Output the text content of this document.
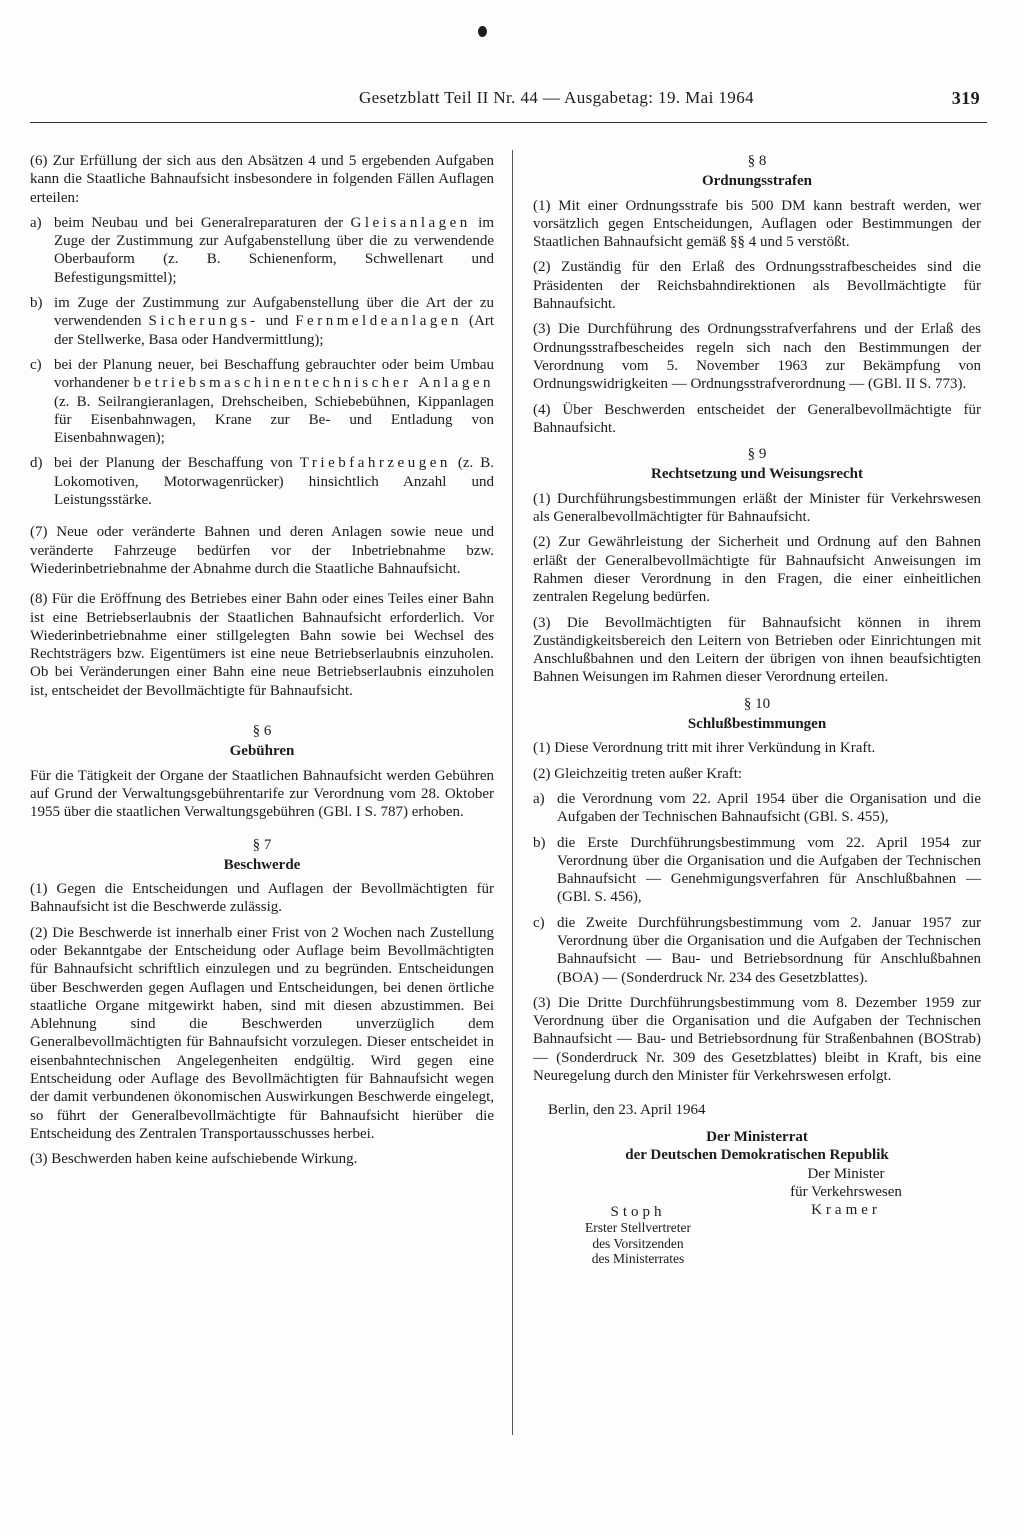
Gesetzblatt Teil II Nr. 44 — Ausgabetag: 19. Mai 1964	319

(6) Zur Erfüllung der sich aus den Absätzen 4 und 5 ergebenden Aufgaben kann die Staatliche Bahnaufsicht insbesondere in folgenden Fällen Auflagen erteilen:

a) beim Neubau und bei Generalreparaturen der Gleisanlagen im Zuge der Zustimmung zur Aufgabenstellung über die zu verwendende Oberbauform (z. B. Schienenform, Schwellenart und Befestigungsmittel);
b) im Zuge der Zustimmung zur Aufgabenstellung über die Art der zu verwendenden Sicherungs- und Fernmeldeanlagen (Art der Stellwerke, Basa oder Handvermittlung);
c) bei der Planung neuer, bei Beschaffung gebrauchter oder beim Umbau vorhandener betriebsmaschinentechnischer Anlagen (z. B. Seilrangieranlagen, Drehscheiben, Schiebebühnen, Kippanlagen für Eisenbahnwagen, Krane zur Be- und Entladung von Eisenbahnwagen);
d) bei der Planung der Beschaffung von Triebfahrzeugen (z. B. Lokomotiven, Motorwagenrücker) hinsichtlich Anzahl und Leistungsstärke.

(7) Neue oder veränderte Bahnen und deren Anlagen sowie neue und veränderte Fahrzeuge bedürfen vor der Inbetriebnahme bzw. Wiederinbetriebnahme der Abnahme durch die Staatliche Bahnaufsicht.

(8) Für die Eröffnung des Betriebes einer Bahn oder eines Teiles einer Bahn ist eine Betriebserlaubnis der Staatlichen Bahnaufsicht erforderlich. Vor Wiederinbetriebnahme einer stillgelegten Bahn sowie bei Wechsel des Rechtsträgers bzw. Eigentümers ist eine neue Betriebserlaubnis einzuholen. Ob bei Veränderungen einer Bahn eine neue Betriebserlaubnis einzuholen ist, entscheidet der Bevollmächtigte für Bahnaufsicht.

§ 6
Gebühren

Für die Tätigkeit der Organe der Staatlichen Bahnaufsicht werden Gebühren auf Grund der Verwaltungsgebührentarife zur Verordnung vom 28. Oktober 1955 über die staatlichen Verwaltungsgebühren (GBl. I S. 787) erhoben.

§ 7
Beschwerde

(1) Gegen die Entscheidungen und Auflagen der Bevollmächtigten für Bahnaufsicht ist die Beschwerde zulässig.

(2) Die Beschwerde ist innerhalb einer Frist von 2 Wochen nach Zustellung oder Bekanntgabe der Entscheidung oder Auflage beim Bevollmächtigten für Bahnaufsicht schriftlich einzulegen und zu begründen. Entscheidungen über Beschwerden gegen Auflagen und Entscheidungen, bei denen örtliche staatliche Organe mitgewirkt haben, sind mit diesen abzustimmen. Bei Ablehnung sind die Beschwerden unverzüglich dem Generalbevollmächtigten für Bahnaufsicht vorzulegen. Dieser entscheidet in eisenbahntechnischen Angelegenheiten endgültig. Wird gegen eine Entscheidung oder Auflage des Bevollmächtigten für Bahnaufsicht wegen der damit verbundenen ökonomischen Auswirkungen Beschwerde eingelegt, so führt der Generalbevollmächtigte für Bahnaufsicht hierüber die Entscheidung des Zentralen Transportausschusses herbei.

(3) Beschwerden haben keine aufschiebende Wirkung.

§ 8
Ordnungsstrafen

(1) Mit einer Ordnungsstrafe bis 500 DM kann bestraft werden, wer vorsätzlich gegen Entscheidungen, Auflagen oder Bestimmungen der Staatlichen Bahnaufsicht gemäß §§ 4 und 5 verstößt.

(2) Zuständig für den Erlaß des Ordnungsstrafbescheides sind die Präsidenten der Reichsbahndirektionen als Bevollmächtigte für Bahnaufsicht.

(3) Die Durchführung des Ordnungsstrafverfahrens und der Erlaß des Ordnungsstrafbescheides regeln sich nach den Bestimmungen der Verordnung vom 5. November 1963 zur Bekämpfung von Ordnungswidrigkeiten — Ordnungsstrafverordnung — (GBl. II S. 773).

(4) Über Beschwerden entscheidet der Generalbevollmächtigte für Bahnaufsicht.

§ 9
Rechtsetzung und Weisungsrecht

(1) Durchführungsbestimmungen erläßt der Minister für Verkehrswesen als Generalbevollmächtigter für Bahnaufsicht.

(2) Zur Gewährleistung der Sicherheit und Ordnung auf den Bahnen erläßt der Generalbevollmächtigte für Bahnaufsicht Anweisungen im Rahmen dieser Verordnung in den Fragen, die einer einheitlichen zentralen Regelung bedürfen.

(3) Die Bevollmächtigten für Bahnaufsicht können in ihrem Zuständigkeitsbereich den Leitern von Betrieben oder Einrichtungen mit Anschlußbahnen und den Leitern der übrigen von ihnen beaufsichtigten Bahnen Weisungen im Rahmen dieser Verordnung erteilen.

§ 10
Schlußbestimmungen

(1) Diese Verordnung tritt mit ihrer Verkündung in Kraft.

(2) Gleichzeitig treten außer Kraft:

a) die Verordnung vom 22. April 1954 über die Organisation und die Aufgaben der Technischen Bahnaufsicht (GBl. S. 455),
b) die Erste Durchführungsbestimmung vom 22. April 1954 zur Verordnung über die Organisation und die Aufgaben der Technischen Bahnaufsicht — Genehmigungsverfahren für Anschlußbahnen — (GBl. S. 456),
c) die Zweite Durchführungsbestimmung vom 2. Januar 1957 zur Verordnung über die Organisation und die Aufgaben der Technischen Bahnaufsicht — Bau- und Betriebsordnung für Anschlußbahnen (BOA) — (Sonderdruck Nr. 234 des Gesetzblattes).

(3) Die Dritte Durchführungsbestimmung vom 8. Dezember 1959 zur Verordnung über die Organisation und die Aufgaben der Technischen Bahnaufsicht — Bau- und Betriebsordnung für Straßenbahnen (BOStrab) — (Sonderdruck Nr. 309 des Gesetzblattes) bleibt in Kraft, bis eine Neuregelung durch den Minister für Verkehrswesen erfolgt.

Berlin, den 23. April 1964

Der Ministerrat
der Deutschen Demokratischen Republik
Der Minister
für Verkehrswesen
Kramer
Stoph
Erster Stellvertreter
des Vorsitzenden
des Ministerrates
